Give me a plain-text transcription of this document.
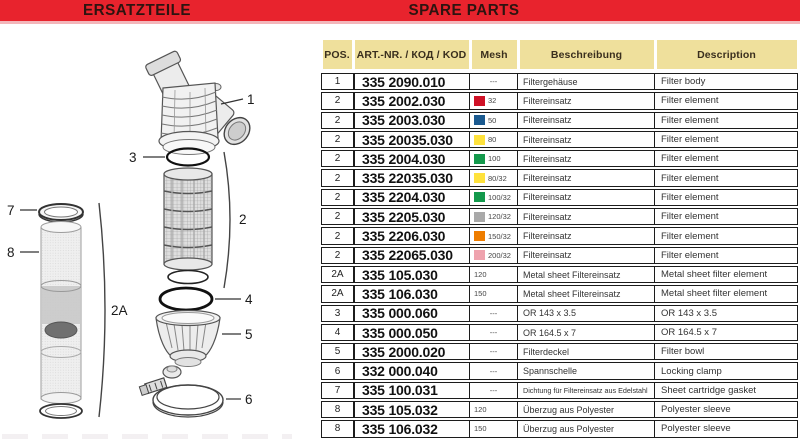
ERSATZTEILE	SPARE PARTS
1
3
2
4
5
6
7
8
2A
POS. ART.-NR. / КОД / KOD	Mesh	Beschreibung	Description
1	335 2090.010	---	Filtergehäuse	Filter body
2	335 2002.030	32	Filtereinsatz	Filter element
2	335 2003.030	50	Filtereinsatz	Filter element
2	335 20035.030	80	Filtereinsatz	Filter element
2	335 2004.030	100	Filtereinsatz	Filter element
2	335 22035.030	80/32	Filtereinsatz	Filter element
2	335 2204.030	100/32	Filtereinsatz	Filter element
2	335 2205.030	120/32	Filtereinsatz	Filter element
2	335 2206.030	150/32	Filtereinsatz	Filter element
2	335 22065.030	200/32	Filtereinsatz	Filter element
2A	335 105.030	120	Metal sheet Filtereinsatz	Metal sheet filter element
2A	335 106.030	150	Metal sheet Filtereinsatz	Metal sheet filter element
3	335 000.060	---	OR 143 x 3.5	OR 143 x 3.5
4	335 000.050	---	OR 164.5 x 7	OR 164.5 x 7
5	335 2000.020	---	Filterdeckel	Filter bowl
6	332 000.040	---	Spannschelle	Locking clamp
7	335 100.031	---	Dichtung für Filtereinsatz aus Edelstahl	Sheet cartridge gasket
8	335 105.032	120	Überzug aus Polyester	Polyester sleeve
8	335 106.032	150	Überzug aus Polyester	Polyester sleeve
